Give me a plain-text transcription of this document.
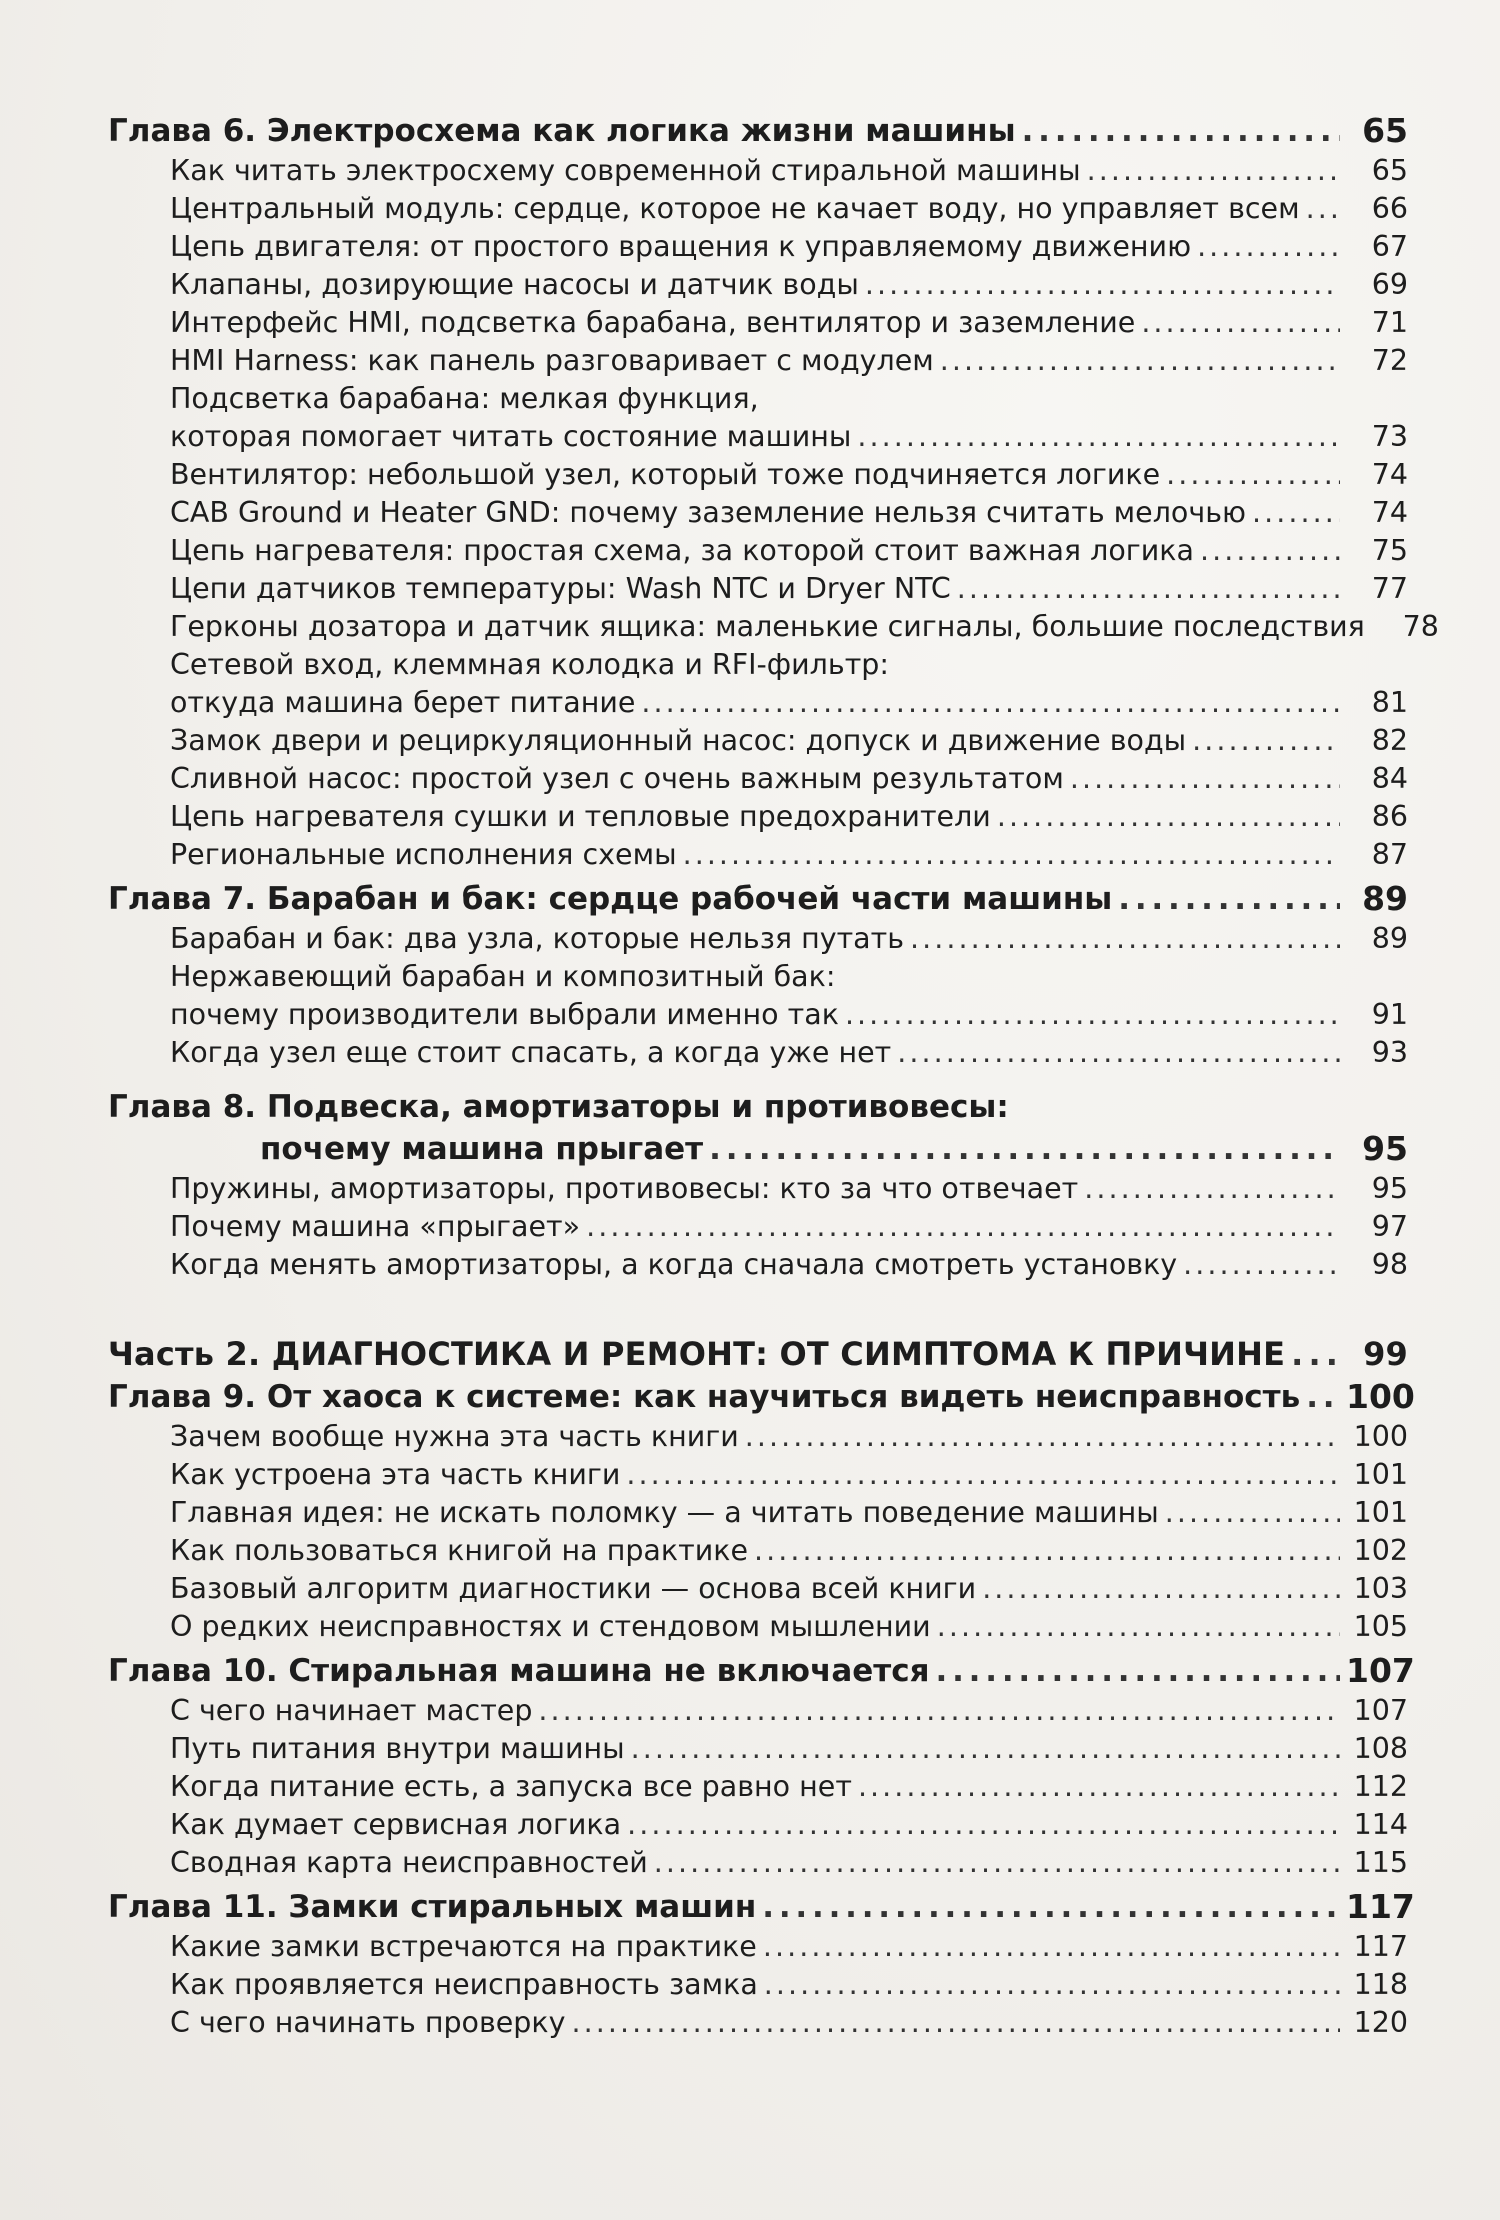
Глава 6. Электросхема как логика жизни машины . . .	65
Как читать электросхему современной стиральной машины . . .	65
Центральный модуль: сердце, которое не качает воду, но управляет всем . . .	66
Цепь двигателя: от простого вращения к управляемому движению . . .	67
Клапаны, дозирующие насосы и датчик воды . . .	69
Интерфейс HMI, подсветка барабана, вентилятор и заземление . . .	71
HMI Harness: как панель разговаривает с модулем . . .	72
Подсветка барабана: мелкая функция,
которая помогает читать состояние машины . . .	73
Вентилятор: небольшой узел, который тоже подчиняется логике . . .	74
CAB Ground и Heater GND: почему заземление нельзя считать мелочью . . .	74
Цепь нагревателя: простая схема, за которой стоит важная логика . . .	75
Цепи датчиков температуры: Wash NTC и Dryer NTC . . .	77
Герконы дозатора и датчик ящика: маленькие сигналы, большие последствия	78
Сетевой вход, клеммная колодка и RFI-фильтр:
откуда машина берет питание . . .	81
Замок двери и рециркуляционный насос: допуск и движение воды . . .	82
Сливной насос: простой узел с очень важным результатом . . .	84
Цепь нагревателя сушки и тепловые предохранители . . .	86
Региональные исполнения схемы . . .	87
Глава 7. Барабан и бак: сердце рабочей части машины . . .	89
Барабан и бак: два узла, которые нельзя путать . . .	89
Нержавеющий барабан и композитный бак:
почему производители выбрали именно так . . .	91
Когда узел еще стоит спасать, а когда уже нет . . .	93
Глава 8. Подвеска, амортизаторы и противовесы:
почему машина прыгает . . .	95
Пружины, амортизаторы, противовесы: кто за что отвечает . . .	95
Почему машина «прыгает» . . .	97
Когда менять амортизаторы, а когда сначала смотреть установку . . .	98
Часть 2. ДИАГНОСТИКА И РЕМОНТ: ОТ СИМПТОМА К ПРИЧИНЕ . . .	99
Глава 9. От хаоса к системе: как научиться видеть неисправность . . . 100
Зачем вообще нужна эта часть книги . . .	100
Как устроена эта часть книги . . .	101
Главная идея: не искать поломку — а читать поведение машины . . .	101
Как пользоваться книгой на практике . . .	102
Базовый алгоритм диагностики — основа всей книги . . .	103
О редких неисправностях и стендовом мышлении . . .	105
Глава 10. Стиральная машина не включается . . .	107
С чего начинает мастер . . .	107
Путь питания внутри машины . . .	108
Когда питание есть, а запуска все равно нет . . .	112
Как думает сервисная логика . . .	114
Сводная карта неисправностей . . .	115
Глава 11. Замки стиральных машин . . .	117
Какие замки встречаются на практике . . .	117
Как проявляется неисправность замка . . .	118
С чего начинать проверку . . .	120
